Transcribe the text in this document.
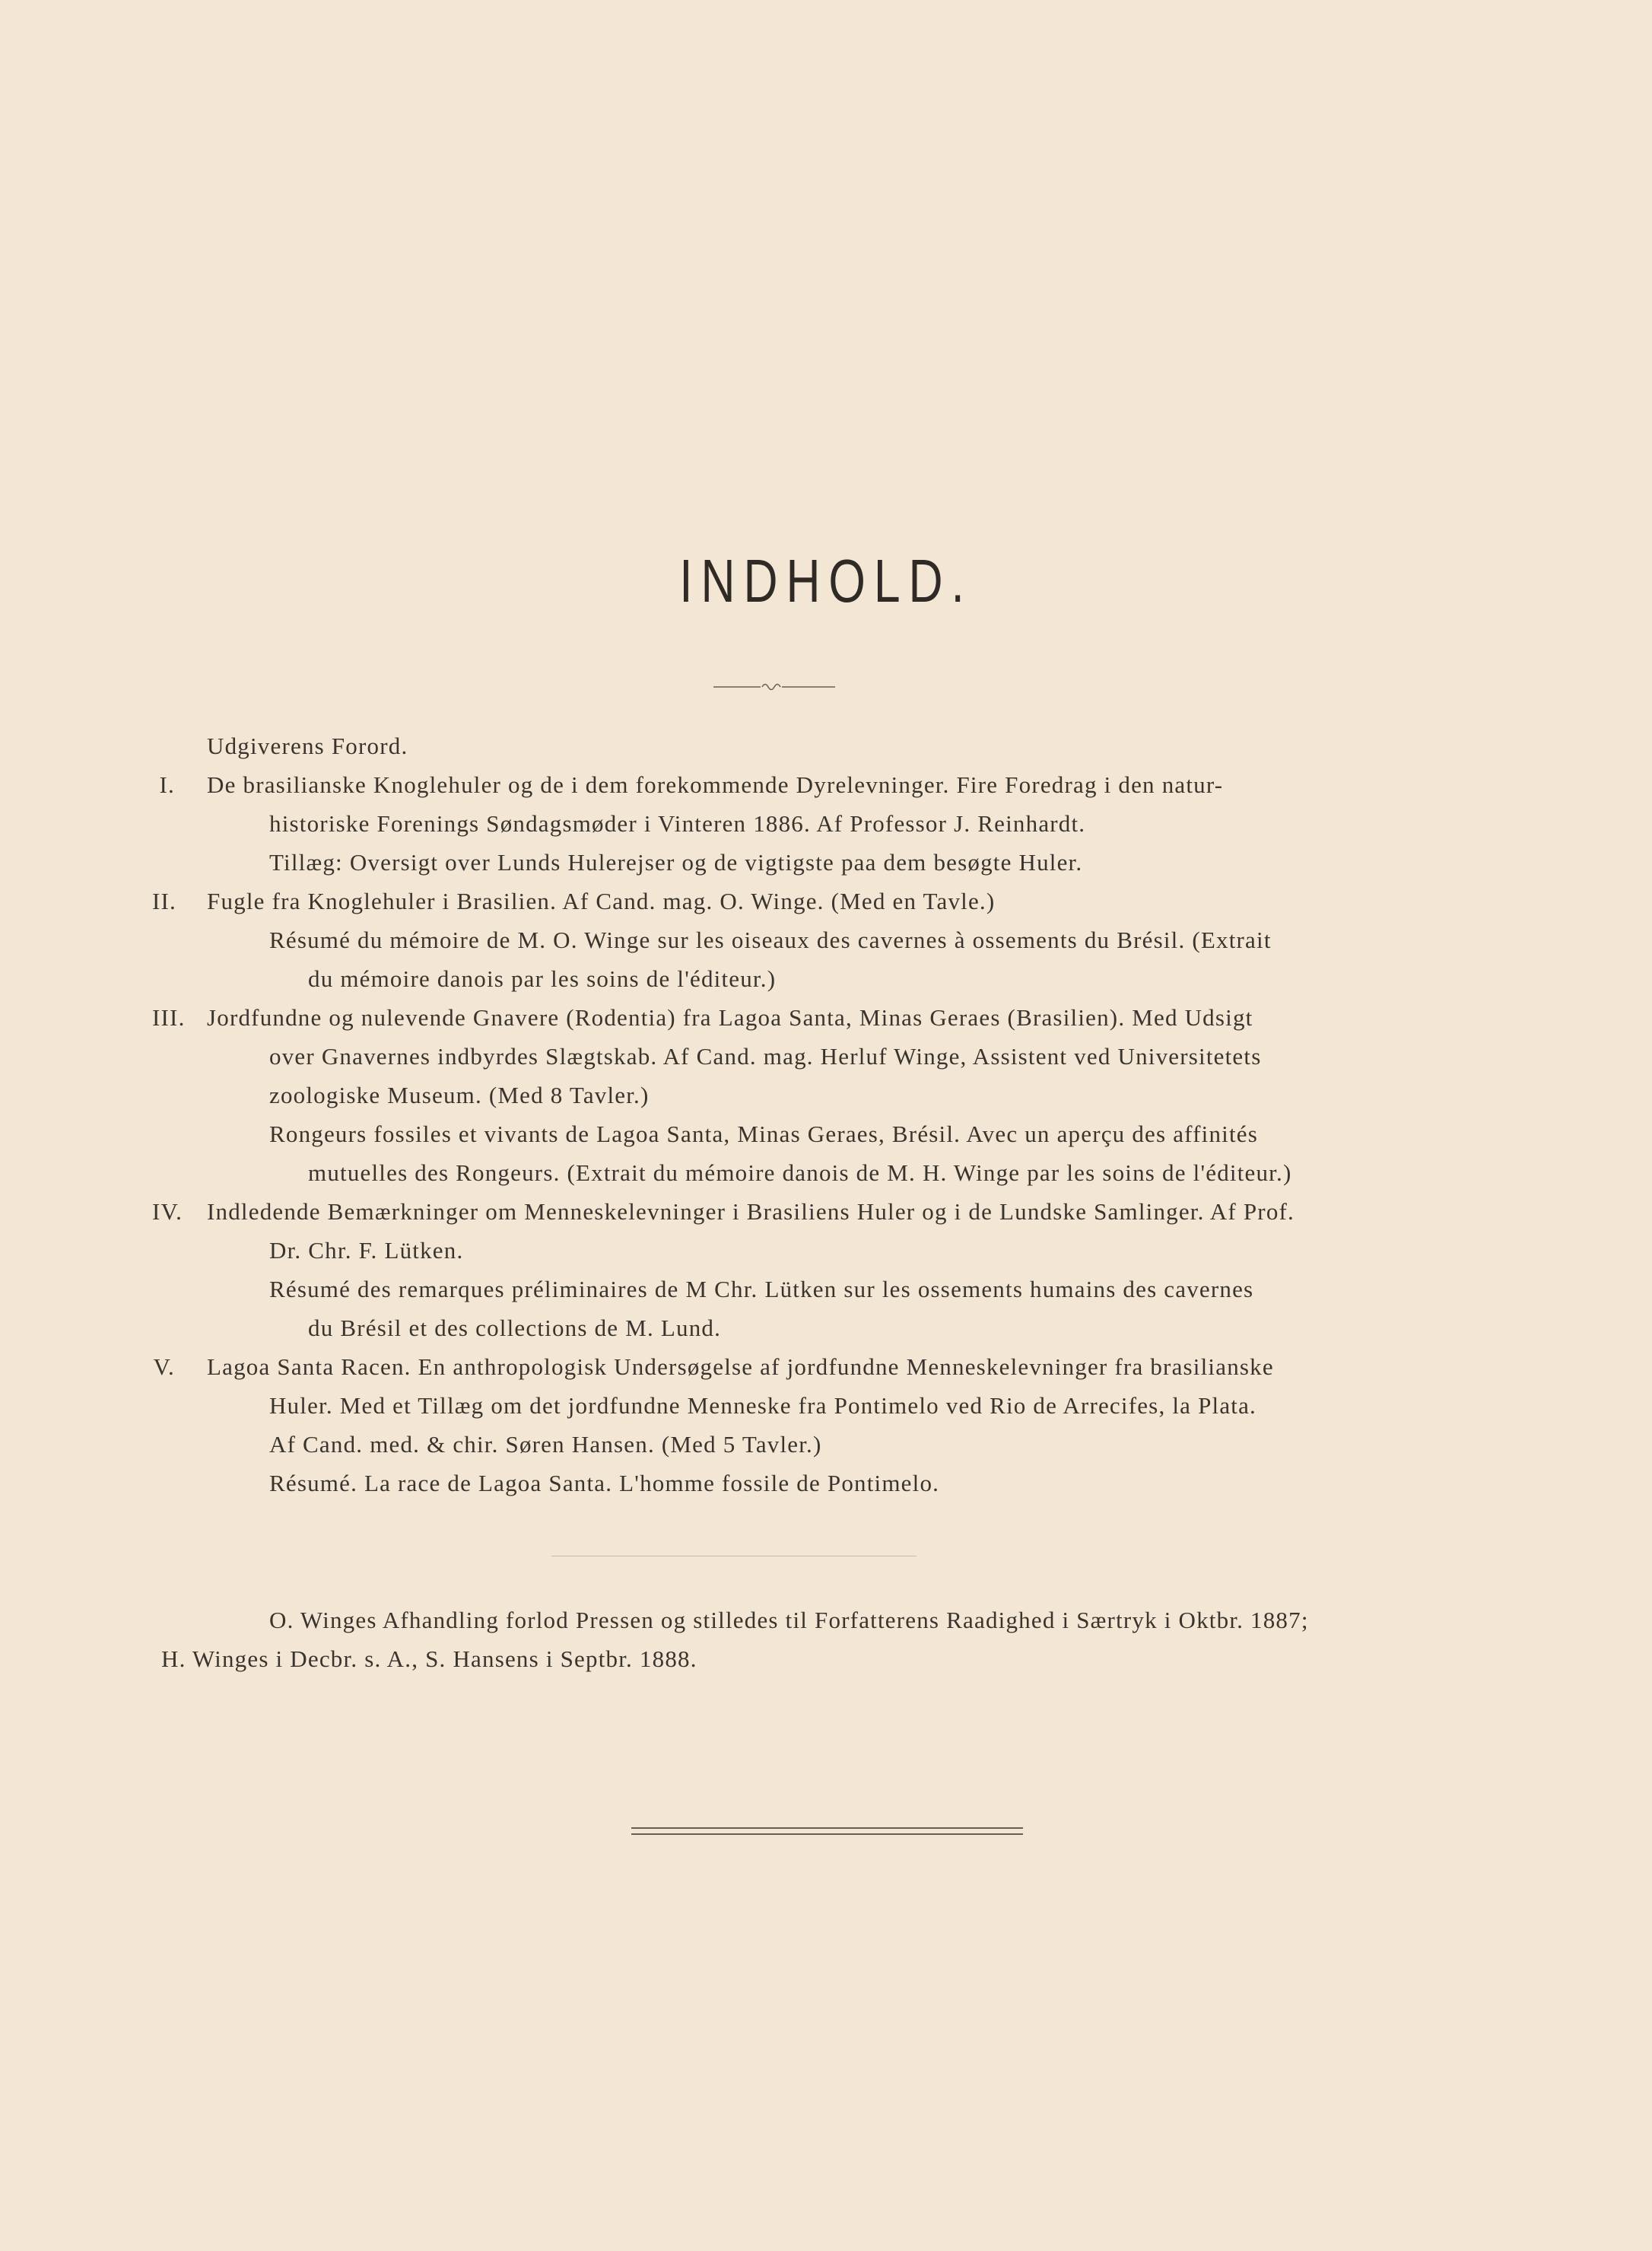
INDHOLD.
Udgiverens Forord.
I.	De brasilianske Knoglehuler og de i dem forekommende Dyrelevninger. Fire Foredrag i den natur-
historiske Forenings Søndagsmøder i Vinteren 1886. Af Professor J. Reinhardt.
Tillæg: Oversigt over Lunds Hulerejser og de vigtigste paa dem besøgte Huler.
II.	Fugle fra Knoglehuler i Brasilien. Af Cand. mag. O. Winge. (Med en Tavle.)
Résumé du mémoire de M. O. Winge sur les oiseaux des cavernes à ossements du Brésil. (Extrait
du mémoire danois par les soins de l'éditeur.)
III. Jordfundne og nulevende Gnavere (Rodentia) fra Lagoa Santa, Minas Geraes (Brasilien). Med Udsigt
over Gnavernes indbyrdes Slægtskab. Af Cand. mag. Herluf Winge, Assistent ved Universitetets
zoologiske Museum. (Med 8 Tavler.)
Rongeurs fossiles et vivants de Lagoa Santa, Minas Geraes, Brésil. Avec un aperçu des affinités
mutuelles des Rongeurs. (Extrait du mémoire danois de M. H. Winge par les soins de l'éditeur.)
IV.	Indledende Bemærkninger om Menneskelevninger i Brasiliens Huler og i de Lundske Samlinger. Af Prof.
Dr. Chr. F. Lütken.
Résumé des remarques préliminaires de M Chr. Lütken sur les ossements humains des cavernes
du Brésil et des collections de M. Lund.
V.	Lagoa Santa Racen. En anthropologisk Undersøgelse af jordfundne Menneskelevninger fra brasilianske
Huler. Med et Tillæg om det jordfundne Menneske fra Pontimelo ved Rio de Arrecifes, la Plata.
Af Cand. med. & chir. Søren Hansen. (Med 5 Tavler.)
Résumé. La race de Lagoa Santa. L'homme fossile de Pontimelo.
O. Winges Afhandling forlod Pressen og stilledes til Forfatterens Raadighed i Særtryk i Oktbr. 1887;
H. Winges i Decbr. s. A., S. Hansens i Septbr. 1888.
